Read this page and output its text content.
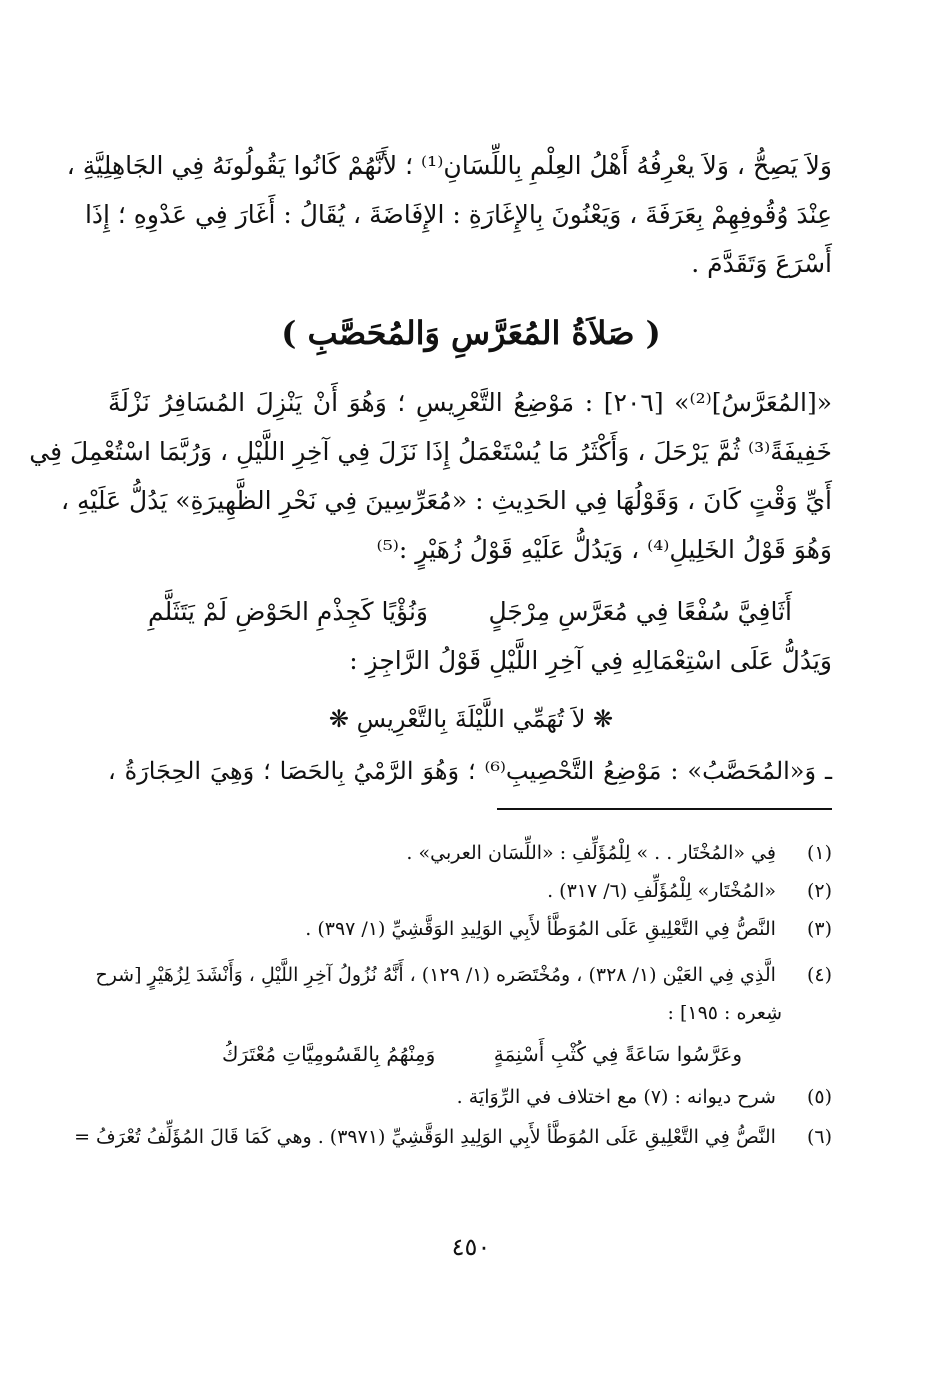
وَلاَ يَصِحُّ ، وَلاَ يعْرِفُهُ أَهْلُ العِلْمِ بِاللِّسَانِ⁽¹⁾ ؛ لأَنَّهُمْ كَانُوا يَقُولُونَهُ فِي الجَاهِلِيَّةِ ،
عِنْدَ وُقُوفِهِمْ بِعَرَفَةَ ، وَيَعْنُونَ بِالإِغَارَةِ : الإِفَاضَةَ ، يُقَالُ : أَغَارَ فِي عَدْوِهِ ؛ إِذَا
أَسْرَعَ وَتَقَدَّمَ .
( صَلاَةُ المُعَرَّسِ وَالمُحَصَّبِ )
«[المُعَرَّسُ]⁽²⁾» [٢٠٦] : مَوْضِعُ التَّعْرِيسِ ؛ وَهُوَ أَنْ يَنْزِلَ المُسَافِرُ نَزْلَةً
خَفِيفَةً⁽³⁾ ثُمَّ يَرْحَلَ ، وَأَكْثَرُ مَا يُسْتَعْمَلُ إِذَا نَزَلَ فِي آخِرِ اللَّيْلِ ، وَرُبَّمَا اسْتُعْمِلَ فِي
أَيِّ وَقْتٍ كَانَ ، وَقَوْلُهَا فِي الحَدِيثِ : «مُعَرِّسِينَ فِي نَحْرِ الظَّهِيرَةِ» يَدُلُّ عَلَيْهِ ،
وَهُوَ قَوْلُ الخَلِيلِ⁽⁴⁾ ، وَيَدُلُّ عَلَيْهِ قَوْلُ زُهَيْرٍ :⁽⁵⁾
أَثَافِيَّ سُفْعًا فِي مُعَرَّسِ مِرْجَلٍ
وَنُؤْيًا كَجِذْمِ الحَوْضِ لَمْ يَتَثَلَّمِ
وَيَدُلُّ عَلَى اسْتِعْمَالِهِ فِي آخِرِ اللَّيْلِ قَوْلُ الرَّاجِزِ :
❋ لاَ تُهَمِّي اللَّيْلَةَ بِالتَّعْرِيسِ ❋
ـ وَ«المُحَصَّبُ» : مَوْضِعُ التَّحْصِيبِ⁽⁶⁾ ؛ وَهُوَ الرَّمْيُ بِالحَصَا ؛ وَهِيَ الحِجَارَةُ ،
(١) فِي «المُخْتَار . . » لِلْمُؤَلِّفِ : «اللِّسَان العربي» .
(٢) «المُخْتَار» لِلْمُؤَلِّفِ (٦/ ٣١٧) .
(٣) النَّصُّ فِي التَّعْلِيقِ عَلَى المُوَطَّأ لأَبِي الوَلِيدِ الوَقَّشِيِّ (١/ ٣٩٧) .
(٤) الَّذِي فِي العَيْن (١/ ٣٢٨) ، ومُخْتَصَره (١/ ١٢٩) ، أَنَّهُ نُزُولُ آخِرِ اللَّيْلِ ، وَأَنْشَدَ لِزُهَيْرٍ [شرح
شِعره : ١٩٥] :
وعَرَّسُوا سَاعَةً فِي كُثْبِ أَسْنِمَةٍ
وَمِنْهُمُ بِالقَسُومِيَّاتِ مُعْتَرَكُ
(٥) شرح ديوانه : (٧) مع اختلاف في الرِّوَايَة .
(٦) النَّصُّ فِي التَّعْلِيقِ عَلَى المُوَطَّأ لأَبِي الوَلِيدِ الوَقَّشِيِّ (٣٩٧١) . وهي كَمَا قَالَ المُؤَلِّفُ تُعْرَفُ =
٤٥٠
